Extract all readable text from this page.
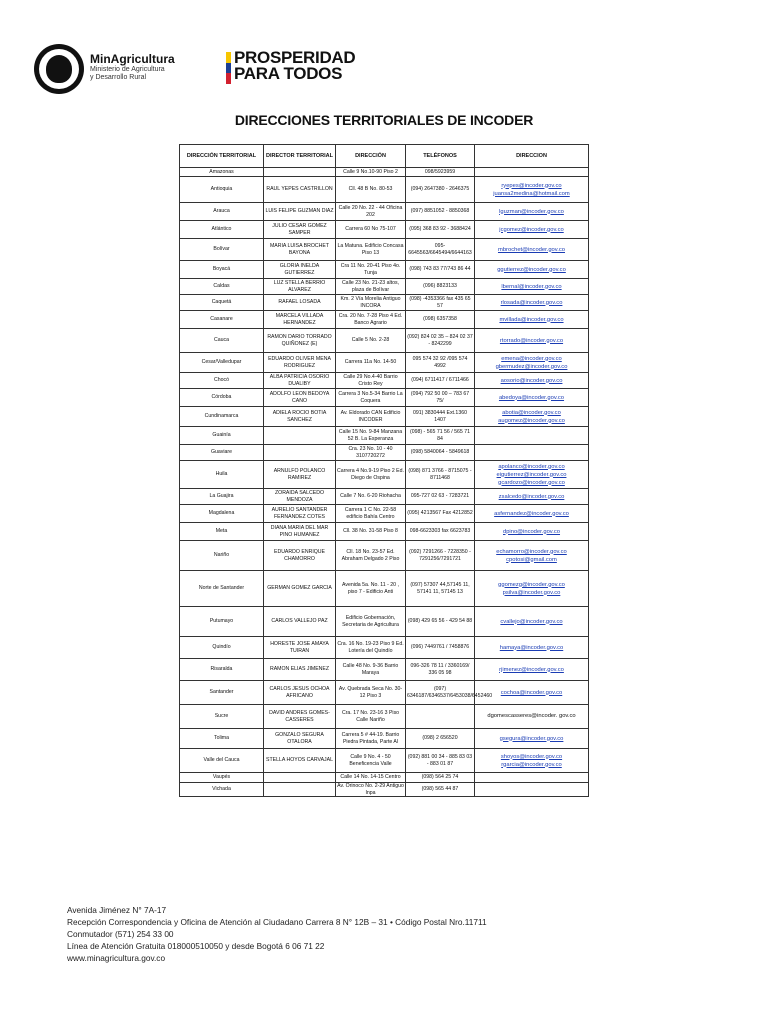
MinAgricultura
Ministerio de Agricultura
y Desarrollo Rural
PROSPERIDAD
PARA TODOS
DIRECCIONES TERRITORIALES DE INCODER
DIRECCIÓN TERRITORIAL	DIRECTOR TERRITORIAL	DIRECCIÓN	TELÉFONOS	DIRECCION
Amazonas		Calle 9 No.10-90 Piso 2	098/5923959	
Antioquia	RAUL YEPES CASTRILLON	Cll. 48 B No. 80-53	(094) 2647380 - 2646375	ryepes@incoder.gov.co
juansa2medina@hotmail.com

Arauca	LUIS FELIPE GUZMAN DIAZ	Calle 20 No. 22 - 44 Oficina 202	(097) 8851052 - 8850368	lguzman@incoder.gov.co

Atlántico	JULIO CESAR GOMEZ SAMPER	Carrera 60 No 75-107	(095) 368 83 92 - 3688424	jcgomez@incoder.gov.co

Bolívar	MARIA LUISA BROCHET BAYONA	La Matuna. Edificio Concasa Piso 13	095-6645563/6645494/6644163	mbrochet@incoder.gov.co

Boyacá	GLORIA INELDA GUTIERREZ	Cra 11 No. 20-41 Piso 4o. Tunja	(098) 743 83 77/743 86 44	ggutierrez@incoder.gov.co

Caldas	LUZ STELLA BERRIO ALVAREZ	Calle 23 No. 21-23 altos, plaza de Bolívar	(096) 8823133	lbernal@incoder.gov.co

Caquetá	RAFAEL LOSADA	Km. 2 Vía Morelia Antiguo INCORA	(098) -4353366 fax 435 65 57	rlosada@incoder.gov.co

Casanare	MARCELA VILLADA HERNANDEZ	Cra. 20 No. 7-28 Piso 4 Ed. Banco Agrario	(098) 6357358	mvillada@incoder.gov.co

Cauca	RAMON DARIO TORRADO QUIÑONEZ (E)	Calle 5 No. 2-28	(092) 824 02 35 – 824 02 37 - 8242299	rtorrado@incoder.gov.co

Cesar/Valledupar	EDUARDO OLIVER MENA RODRIGUEZ	Carrera 11a No. 14-50	095 574 32 92 /095 574 4992	emena@incoder.gov.co
gbermudez@incoder.gov.co

Chocó	ALBA PATRICIA OSORIO DUALIBY	Calle 29 No.4-40 Barrio Cristo Rey	(094) 6711417 / 6711466	aosorio@incoder.gov.co

Córdoba	ADOLFO LEON BEDOYA CANO	Carrera 3 No.5-34 Barrio La Coquera	(094) 792 50 00 – 783 67 75/	abedoya@incoder.gov.co

Cundinamarca	ADIELA ROCIO BOTIA SANCHEZ	Av. Eldorado CAN Edificio INCODER	091) 3830444 Ext.1360 1407	abotia@incoder.gov.co
augomez@incoder.gov.co

Guainía		Calle 15 No. 9-84 Manzana 52 B. La Esperanza	(098) - 565 71 56 / 565 71 84	
Guaviare		Cra. 23 No. 10 - 40 3107720272	(098) 5840064 - 5849618	
Huila	ARNULFO POLANCO RAMIREZ	Carrera 4 No.9-19 Piso 2 Ed. Diego de Ospina	(098) 871 3766 - 8715075 - 8711468	apolanco@incoder.gov.co
eigutierrez@incoder.gov.co
gcardozo@incoder.gov.co

La Guajira	ZORAIDA SALCEDO MENDOZA	Calle 7 No. 6-20 Riohacha	095-727 02 63 - 7283721	zsalcedo@incoder.gov.co

Magdalena	AURELIO SANTANDER FERNANDEZ COTES	Carrera 1 C No. 22-58 edificio Bahía Centro	(095) 4213567 Fax 4212852	asfernandez@incoder.gov.co

Meta	DIANA MARIA DEL MAR PINO HUMANEZ	Cll. 38 No. 31-58 Piso 8	098-6623303 fax 6623783	dpino@incoder.gov.co

Nariño	EDUARDO ENRIQUE CHAMORRO	Cll. 18 No. 23-57 Ed. Abraham Delgado 2 Piso	(092) 7291266 - 7228350 - 7291256/7291721	echamorro@incoder.gov.co
cpotosi@gmail.com

Norte de Santander	GERMAN GOMEZ GARCIA	Avenida 5a. No. 11 - 20 , piso 7 - Edificio Anti	(097) 57307 44,57145 11, 57141 11, 57145 13	ggomezg@incoder.gov.co
psilva@incoder.gov.co

Putumayo	CARLOS VALLEJO PAZ	Edificio Gobernación, Secretaria de Agricultura	(098) 429 65 56 - 429 54 88	cvallejo@incoder.gov.co

Quindío	HORESTE JOSE AMAYA TUIRAN	Cra. 16 No. 19-23 Piso 9 Ed. Lotería del Quindío	(096) 7449761 / 7458876	hamaya@incoder.gov.co

Risaralda	RAMON ELIAS JIMENEZ	Calle 48 No. 9-36 Barrio Maraya	096-326 78 11 / 3360169/ 336 05 98	rjimenez@incoder.gov.co

Santander	CARLOS JESUS OCHOA AFRICANO	Av. Quebrada Seca No. 30-12 Piso 3	(097) 6346187/6346537/6453038/6452460	cochoa@incoder.gov.co

Sucre	DAVID ANDRES GOMES-CASSERES	Cra. 17 No. 23-16 3 Piso Calle Nariño		dgomescasseres@incoder. gov.co

Tolima	GONZALO SEGURA OTALORA	Carrera 5 # 44-19. Barrio Piedra Pintada, Parte Al	(098) 2 656520	gsegura@incoder.gov.co

Valle del Cauca	STELLA HOYOS CARVAJAL	Calle 9 No. 4 - 50 Beneficencia Valle	(092) 881 00 34 - 885 83 03 - 883 01 87	shoyos@incoder.gov.co
rgarcia@incoder.gov.co

Vaupés		Calle 14 No. 14-15 Centro	(098) 564 25 74	
Vichada		Av. Orinoco No. 2-29 Antiguo Inpa	(098) 565 44 87	
Avenida Jiménez N° 7A-17
Recepción Correspondencia y Oficina de Atención al Ciudadano Carrera 8 N° 12B – 31 • Código Postal Nro.11711
Conmutador (571) 254 33 00
Línea de Atención Gratuita 018000510050 y desde Bogotá 6 06 71 22
www.minagricultura.gov.co
